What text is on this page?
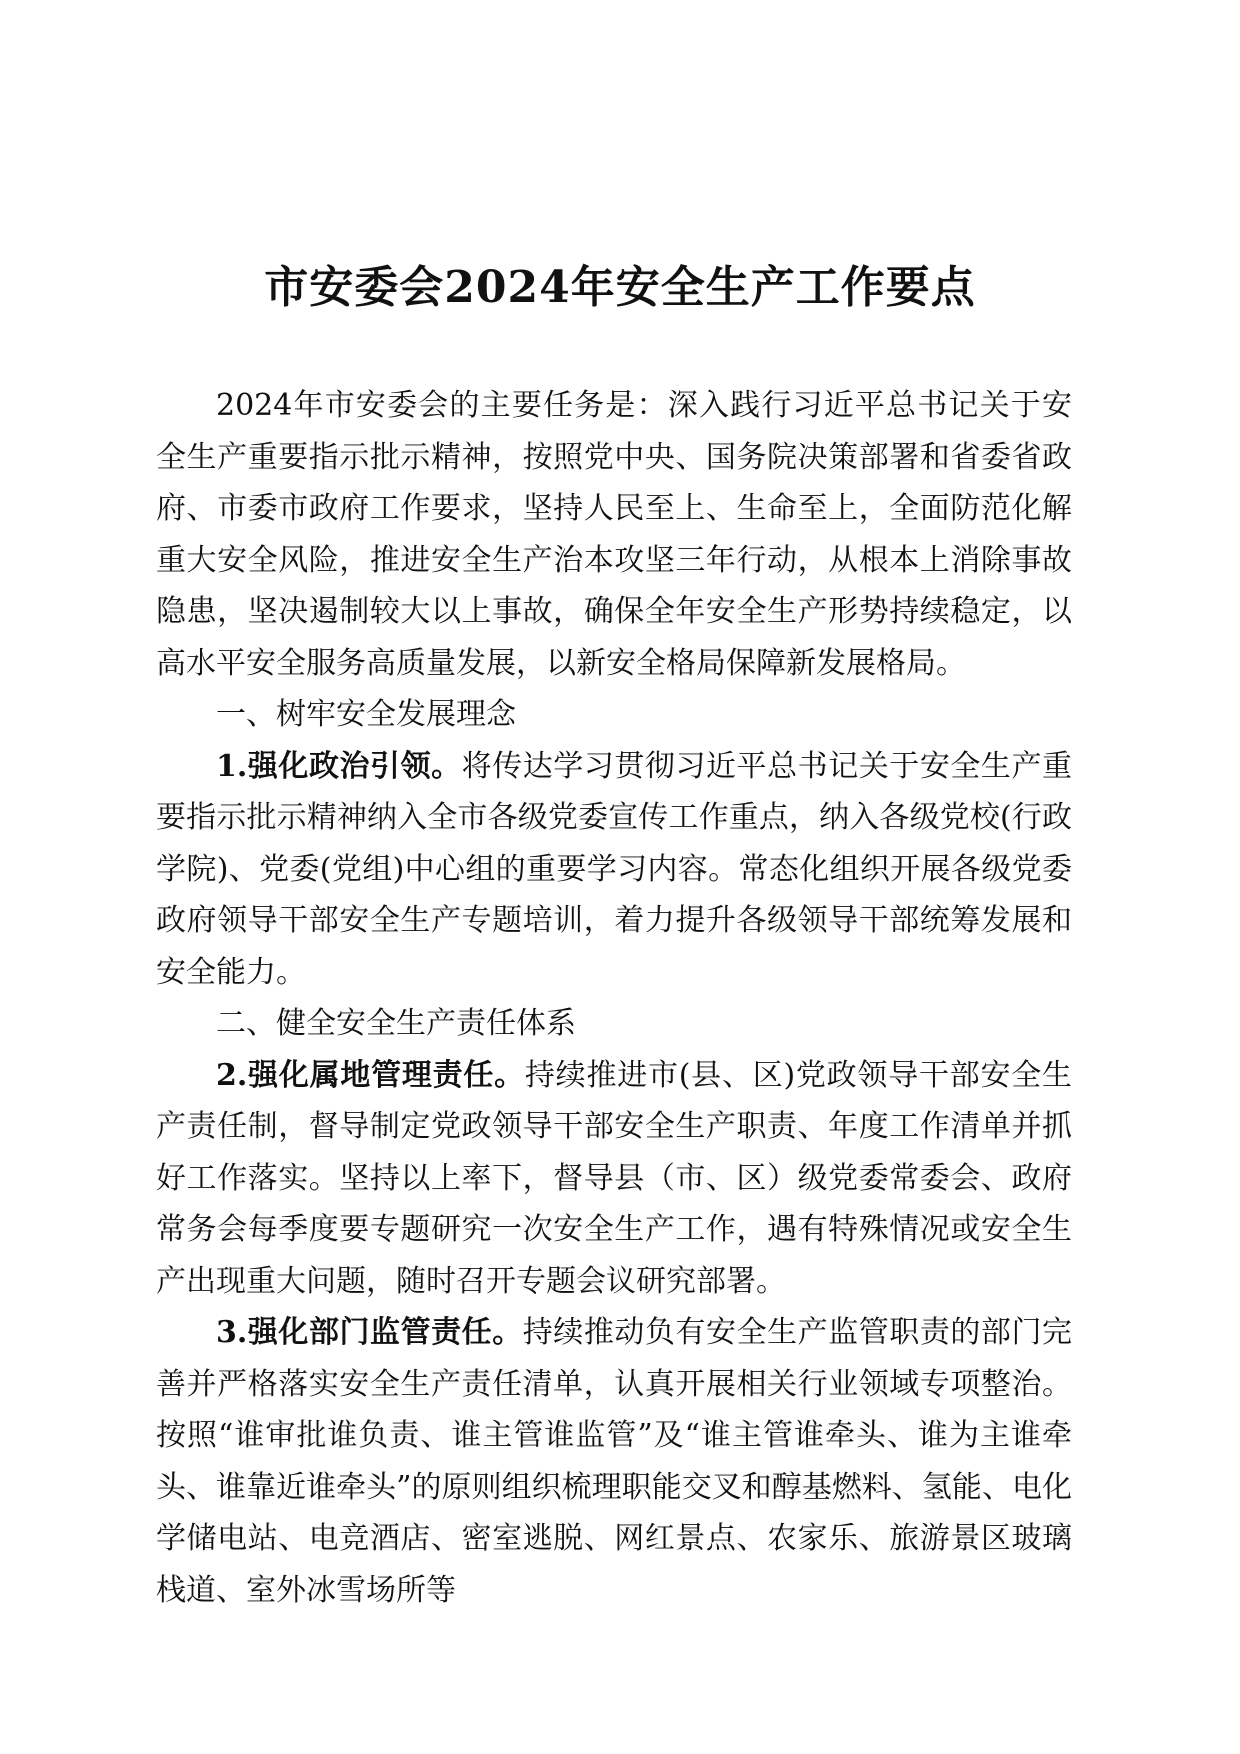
市安委会2024年安全生产工作要点

2024年市安委会的主要任务是：深入践行习近平总书记关于安全生产重要指示批示精神，按照党中央、国务院决策部署和省委省政府、市委市政府工作要求，坚持人民至上、生命至上，全面防范化解重大安全风险，推进安全生产治本攻坚三年行动，从根本上消除事故隐患，坚决遏制较大以上事故，确保全年安全生产形势持续稳定，以高水平安全服务高质量发展，以新安全格局保障新发展格局。

一、树牢安全发展理念

1.强化政治引领。将传达学习贯彻习近平总书记关于安全生产重要指示批示精神纳入全市各级党委宣传工作重点，纳入各级党校(行政学院)、党委(党组)中心组的重要学习内容。常态化组织开展各级党委政府领导干部安全生产专题培训，着力提升各级领导干部统筹发展和安全能力。

二、健全安全生产责任体系

2.强化属地管理责任。持续推进市(县、区)党政领导干部安全生产责任制，督导制定党政领导干部安全生产职责、年度工作清单并抓好工作落实。坚持以上率下，督导县（市、区）级党委常委会、政府常务会每季度要专题研究一次安全生产工作，遇有特殊情况或安全生产出现重大问题，随时召开专题会议研究部署。

3.强化部门监管责任。持续推动负有安全生产监管职责的部门完善并严格落实安全生产责任清单，认真开展相关行业领域专项整治。按照“谁审批谁负责、谁主管谁监管”及“谁主管谁牵头、谁为主谁牵头、谁靠近谁牵头”的原则组织梳理职能交叉和醇基燃料、氢能、电化学储电站、电竞酒店、密室逃脱、网红景点、农家乐、旅游景区玻璃栈道、室外冰雪场所等
